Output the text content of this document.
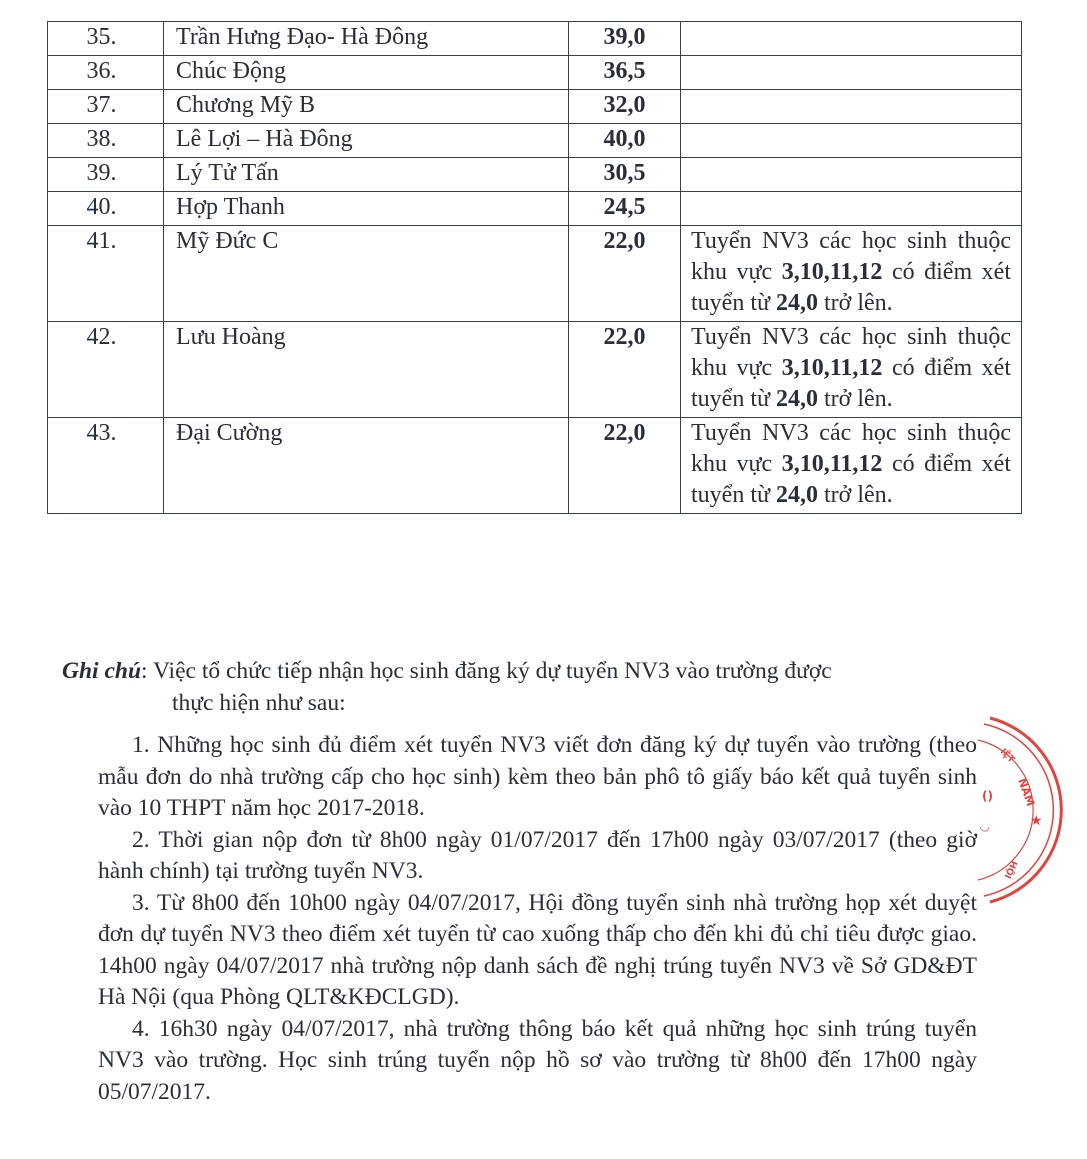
35.	Trần Hưng Đạo- Hà Đông	39,0	
36.	Chúc Động	36,5	
37.	Chương Mỹ B	32,0	
38.	Lê Lợi – Hà Đông	40,0	
39.	Lý Tử Tấn	30,5	
40.	Hợp Thanh	24,5	
41.	Mỹ Đức C	22,0	Tuyển NV3 các học sinh thuộc khu vực 3,10,11,12 có điểm xét tuyển từ 24,0 trở lên.
42.	Lưu Hoàng	22,0	Tuyển NV3 các học sinh thuộc khu vực 3,10,11,12 có điểm xét tuyển từ 24,0 trở lên.
43.	Đại Cường	22,0	Tuyển NV3 các học sinh thuộc khu vực 3,10,11,12 có điểm xét tuyển từ 24,0 trở lên.

Ghi chú: Việc tổ chức tiếp nhận học sinh đăng ký dự tuyển NV3 vào trường được

thực hiện như sau:

1. Những học sinh đủ điểm xét tuyển NV3 viết đơn đăng ký dự tuyển vào trường (theo mẫu đơn do nhà trường cấp cho học sinh) kèm theo bản phô tô giấy báo kết quả tuyển sinh vào 10 THPT năm học 2017-2018.

2. Thời gian nộp đơn từ 8h00 ngày 01/07/2017 đến 17h00 ngày 03/07/2017 (theo giờ hành chính) tại trường tuyển NV3.

3. Từ 8h00 đến 10h00 ngày 04/07/2017, Hội đồng tuyển sinh nhà trường họp xét duyệt đơn dự tuyển NV3 theo điểm xét tuyển từ cao xuống thấp cho đến khi đủ chỉ tiêu được giao. 14h00 ngày 04/07/2017 nhà trường nộp danh sách đề nghị trúng tuyển NV3 về Sở GD&ĐT Hà Nội (qua Phòng QLT&KĐCLGD).

4. 16h30 ngày 04/07/2017, nhà trường thông báo kết quả những học sinh trúng tuyển NV3 vào trường. Học sinh trúng tuyển nộp hồ sơ vào trường từ 8h00 đến 17h00 ngày 05/07/2017.

NAM
IỆT
★
HỘI
()
◡
